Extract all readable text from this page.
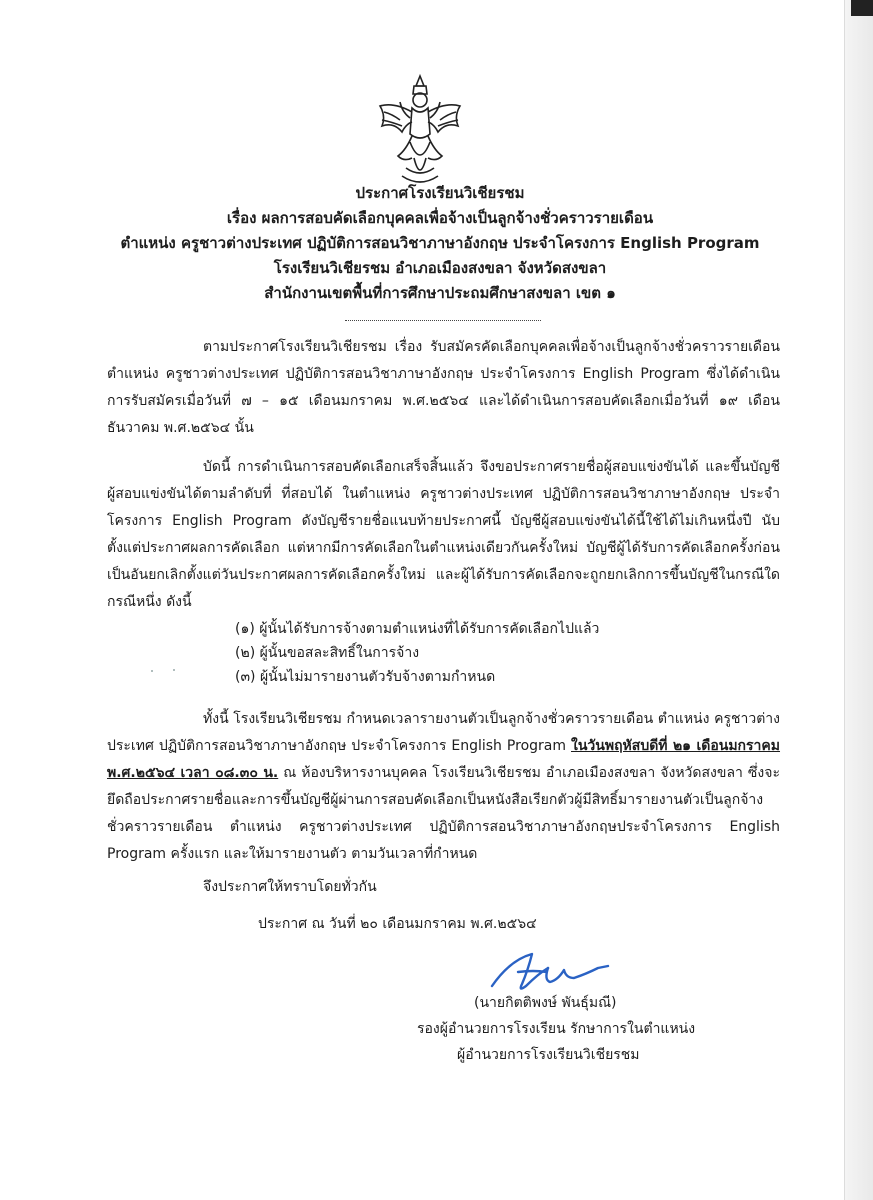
ประกาศโรงเรียนวิเชียรชม

เรื่อง ผลการสอบคัดเลือกบุคคลเพื่อจ้างเป็นลูกจ้างชั่วคราวรายเดือน

ตำแหน่ง ครูชาวต่างประเทศ ปฏิบัติการสอนวิชาภาษาอังกฤษ ประจำโครงการ English Program

โรงเรียนวิเชียรชม อำเภอเมืองสงขลา จังหวัดสงขลา

สำนักงานเขตพื้นที่การศึกษาประถมศึกษาสงขลา เขต ๑

ตามประกาศโรงเรียนวิเชียรชม เรื่อง รับสมัครคัดเลือกบุคคลเพื่อจ้างเป็นลูกจ้างชั่วคราวรายเดือน ตำแหน่ง ครูชาวต่างประเทศ ปฏิบัติการสอนวิชาภาษาอังกฤษ ประจำโครงการ English Program ซึ่งได้ดำเนินการรับสมัครเมื่อวันที่ ๗ – ๑๕ เดือนมกราคม พ.ศ.๒๕๖๔ และได้ดำเนินการสอบคัดเลือกเมื่อวันที่ ๑๙ เดือนธันวาคม พ.ศ.๒๕๖๔ นั้น

บัดนี้ การดำเนินการสอบคัดเลือกเสร็จสิ้นแล้ว จึงขอประกาศรายชื่อผู้สอบแข่งขันได้ และขึ้นบัญชีผู้สอบแข่งขันได้ตามลำดับที่ ที่สอบได้ ในตำแหน่ง ครูชาวต่างประเทศ ปฏิบัติการสอนวิชาภาษาอังกฤษ ประจำโครงการ English Program ดังบัญชีรายชื่อแนบท้ายประกาศนี้ บัญชีผู้สอบแข่งขันได้นี้ใช้ได้ไม่เกินหนึ่งปี นับตั้งแต่ประกาศผลการคัดเลือก แต่หากมีการคัดเลือกในตำแหน่งเดียวกันครั้งใหม่ บัญชีผู้ได้รับการคัดเลือกครั้งก่อนเป็นอันยกเลิกตั้งแต่วันประกาศผลการคัดเลือกครั้งใหม่ และผู้ได้รับการคัดเลือกจะถูกยกเลิกการขึ้นบัญชีในกรณีใดกรณีหนึ่ง ดังนี้

(๑) ผู้นั้นได้รับการจ้างตามตำแหน่งที่ได้รับการคัดเลือกไปแล้ว

(๒) ผู้นั้นขอสละสิทธิ์ในการจ้าง

(๓) ผู้นั้นไม่มารายงานตัวรับจ้างตามกำหนด

ทั้งนี้ โรงเรียนวิเชียรชม กำหนดเวลารายงานตัวเป็นลูกจ้างชั่วคราวรายเดือน ตำแหน่ง ครูชาวต่างประเทศ ปฏิบัติการสอนวิชาภาษาอังกฤษ ประจำโครงการ English Program ในวันพฤหัสบดีที่ ๒๑ เดือนมกราคม พ.ศ.๒๕๖๔ เวลา ๐๘.๓๐ น. ณ ห้องบริหารงานบุคคล โรงเรียนวิเชียรชม อำเภอเมืองสงขลา จังหวัดสงขลา ซึ่งจะยึดถือประกาศรายชื่อและการขึ้นบัญชีผู้ผ่านการสอบคัดเลือกเป็นหนังสือเรียกตัวผู้มีสิทธิ์มารายงานตัวเป็นลูกจ้างชั่วคราวรายเดือน ตำแหน่ง ครูชาวต่างประเทศ ปฏิบัติการสอนวิชาภาษาอังกฤษประจำโครงการ English Program ครั้งแรก และให้มารายงานตัว ตามวันเวลาที่กำหนด

จึงประกาศให้ทราบโดยทั่วกัน

ประกาศ ณ วันที่ ๒๐ เดือนมกราคม พ.ศ.๒๕๖๔

(นายกิตติพงษ์ พันธุ์มณี)

รองผู้อำนวยการโรงเรียน รักษาการในตำแหน่ง

ผู้อำนวยการโรงเรียนวิเชียรชม
